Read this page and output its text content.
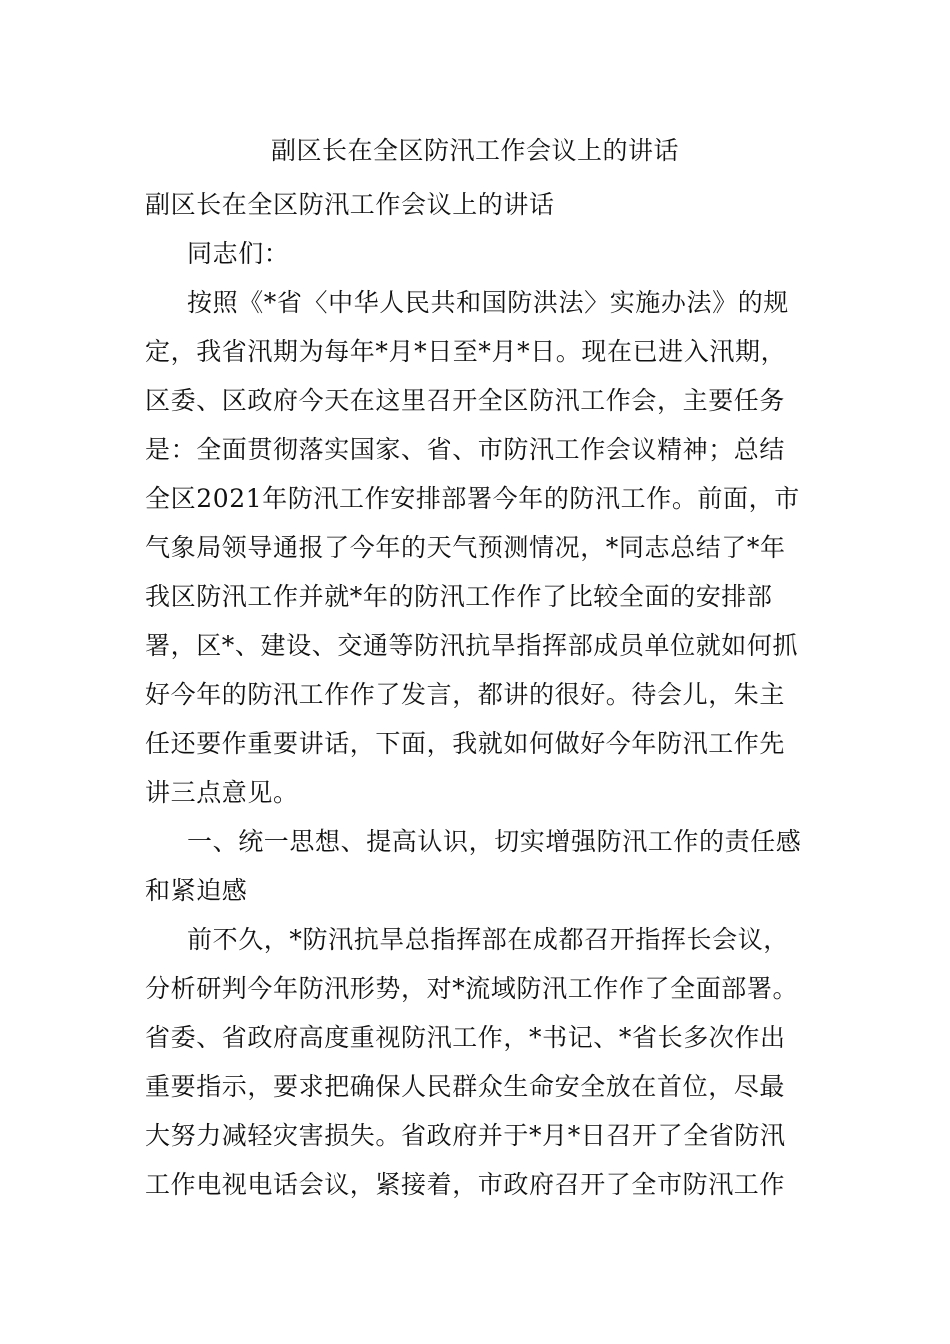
副区长在全区防汛工作会议上的讲话

副区长在全区防汛工作会议上的讲话

同志们：

按照《*省〈中华人民共和国防洪法〉实施办法》的规定，我省汛期为每年*月*日至*月*日。现在已进入汛期，区委、区政府今天在这里召开全区防汛工作会，主要任务是：全面贯彻落实国家、省、市防汛工作会议精神；总结全区2021年防汛工作安排部署今年的防汛工作。前面，市气象局领导通报了今年的天气预测情况，*同志总结了*年我区防汛工作并就*年的防汛工作作了比较全面的安排部署，区*、建设、交通等防汛抗旱指挥部成员单位就如何抓好今年的防汛工作作了发言，都讲的很好。待会儿，朱主任还要作重要讲话，下面，我就如何做好今年防汛工作先讲三点意见。

一、统一思想、提高认识，切实增强防汛工作的责任感和紧迫感

前不久，*防汛抗旱总指挥部在成都召开指挥长会议，分析研判今年防汛形势，对*流域防汛工作作了全面部署。省委、省政府高度重视防汛工作，*书记、*省长多次作出重要指示，要求把确保人民群众生命安全放在首位，尽最大努力减轻灾害损失。省政府并于*月*日召开了全省防汛工作电视电话会议，紧接着，市政府召开了全市防汛工作
